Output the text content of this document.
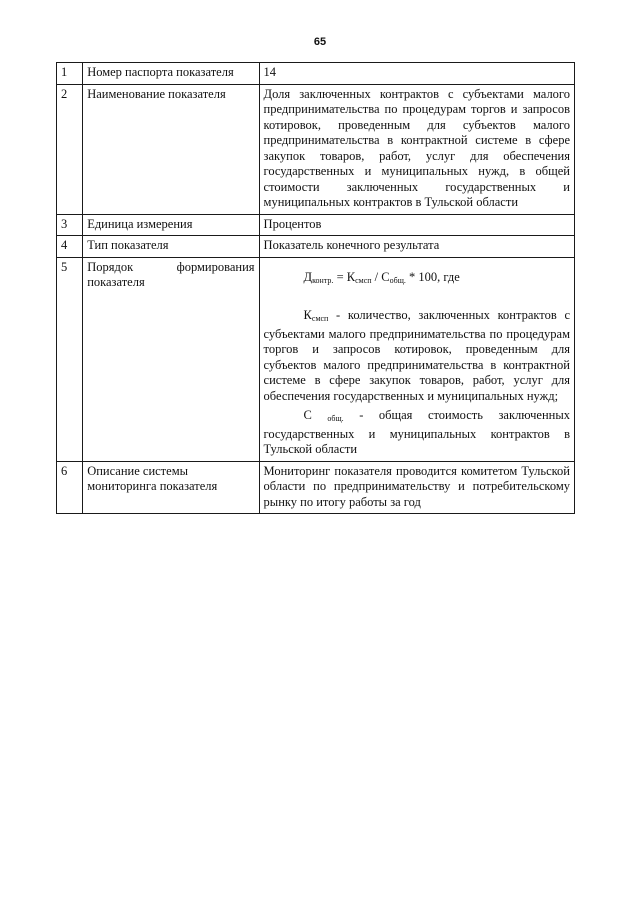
65
1	Номер паспорта показателя	14
2	Наименование показателя	Доля заключенных контрактов с субъектами малого предпринимательства по процедурам торгов и запросов котировок, проведенным для субъектов малого предпринимательства в контрактной системе в сфере закупок товаров, работ, услуг для обеспечения государственных и муниципальных нужд, в общей стоимости заключенных государственных и муниципальных контрактов в Тульской области
3	Единица измерения	Процентов
4	Тип показателя	Показатель конечного результата
5	Порядок формирования показателя	$Д_{контр.} = К_{смсп} / С_{общ.} * 100$, где

$К_{смсп}$ - количество, заключенных контрактов с субъектами малого предпринимательства по процедурам торгов и запросов котировок, проведенным для субъектов малого предпринимательства в контрактной системе в сфере закупок товаров, работ, услуг для обеспечения государственных и муниципальных нужд;

С $_{общ.}$ - общая стоимость заключенных государственных и муниципальных контрактов в Тульской области

6	Описание системы мониторинга показателя	Мониторинг показателя проводится комитетом Тульской области по предпринимательству и потребительскому рынку по итогу работы за год
